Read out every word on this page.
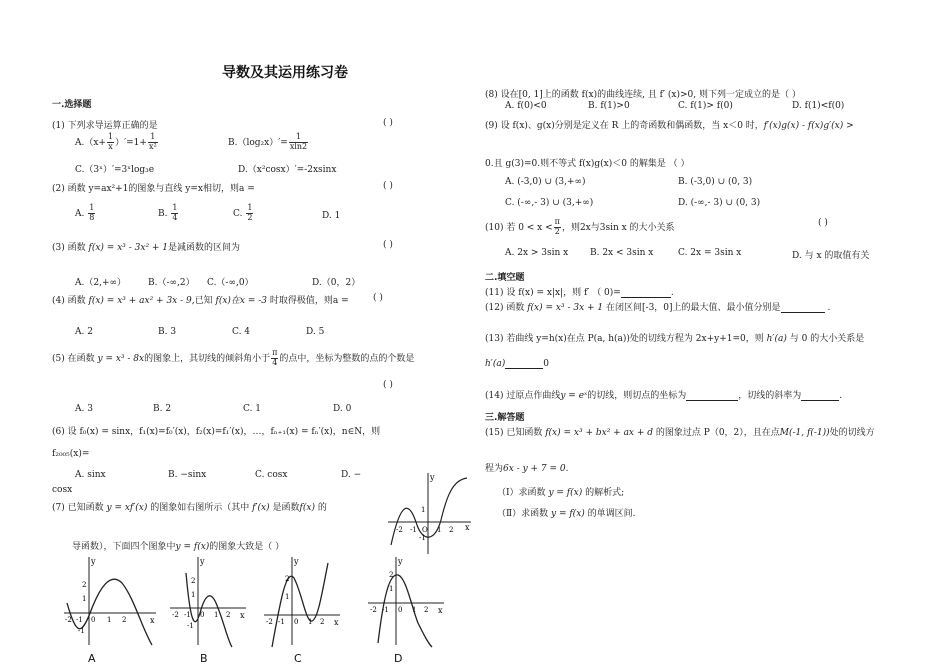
导数及其运用练习卷
一.选择题
(1) 下列求导运算正确的是	( )
$A.(x+ \frac{1}{x} )'=1+ \frac{1}{\text{x²}}$	$B.(\log_2x)'= \frac{1}{xln2}$
C.（3ˣ）′=3ˣlog₃e	D.（x²cosx）′=-2xsinx
(2) 函数 y=ax²+1的图象与直线 y=x相切，则a =	( )
A. $\frac{1}{8}$	B. $\frac{1}{4}$	C. $\frac{1}{2}$	D. 1
(3) 函数 f(x) = x³ - 3x² + 1是减函数的区间为	( )
A.（2,+∞） B.（-∞,2） C.（-∞,0）	D.（0，2）
(4) 函数 f(x) = x³ + ax² + 3x - 9,已知 f(x)在x = -3 时取得极值，则a =	( )
A. 2	B. 3	C. 4	D. 5
(5) 在函数 y = x³ - 8x的图象上，其切线的倾斜角小于 $\frac{\pi}{4}$ 的点中，坐标为整数的点的个数是
( )
A. 3	B. 2	C. 1	D. 0
(6) 设 f₀(x) = sinx，f₁(x)=f₀′(x)，f₂(x)=f₁′(x)，…，fₙ₊₁(x) = fₙ′(x)，n∈N，则
f₂₀₀₅(x)=
A. sinx	B. −sinx	C. cosx	D. −
cosx
(7) 已知函数 y = xf′(x) 的图象如右图所示（其中 f′(x) 是函数f(x) 的
导函数），下面四个图象中y = f(x)的图象大致是（ ）
y
x
-2 -1 O 1 2
1
-1
y
x
-2 -1 0 1 2
2
1
-1
A
y
x
-2 -1 0 1 2
2
1
-1
B
y
x
-2 -1 0 1 2
2
1
C
y
x
-2 -1 0 1 2
2
1
D
(8) 设在[0, 1]上的函数 f(x)的曲线连续, 且 f′ (x)>0, 则下列一定成立的是（ ）
A. f(0)<0	B. f(1)>0	C. f(1)> f(0)	D. f(1)<f(0)
(9) 设 f(x)、g(x)分别是定义在 R 上的奇函数和偶函数，当 x＜0 时，f′(x)g(x) - f(x)g′(x) >
0.且 g(3)=0.则不等式 f(x)g(x)＜0 的解集是 （ ）
A. (-3,0) ∪ (3,+∞)	B. (-3,0) ∪ (0, 3)
C. (-∞,- 3) ∪ (3,+∞)	D. (-∞,- 3) ∪ (0, 3)
(10) 若 $0 < x < \frac{\pi}{2}$ ，则2x与3sin x 的大小关系	( )
A. 2x > 3sin x B. 2x < 3sin x	C. 2x = 3sin x	D. 与 x 的取值有关
二.填空题
(11) 设 f(x) = x|x|，则 f′ （ 0)=	.
(12) 函数 f(x) = x³ - 3x + 1 在闭区间[-3，0]上的最大值、最小值分别是	.
(13) 若曲线 y=h(x)在点 P(a, h(a))处的切线方程为 2x+y+1=0，则 h′(a) 与 0 的大小关系是
h′(a)	0
(14) 过原点作曲线y = eˣ的切线，则切点的坐标为	，切线的斜率为	.
三.解答题
(15) 已知函数 f(x) = x³ + bx² + ax + d 的图象过点 P（0，2），且在点M(-1, f(-1))处的切线方
程为6x - y + 7 = 0.
（Ⅰ）求函数 y = f(x) 的解析式;
（Ⅱ）求函数 y = f(x) 的单调区间.
